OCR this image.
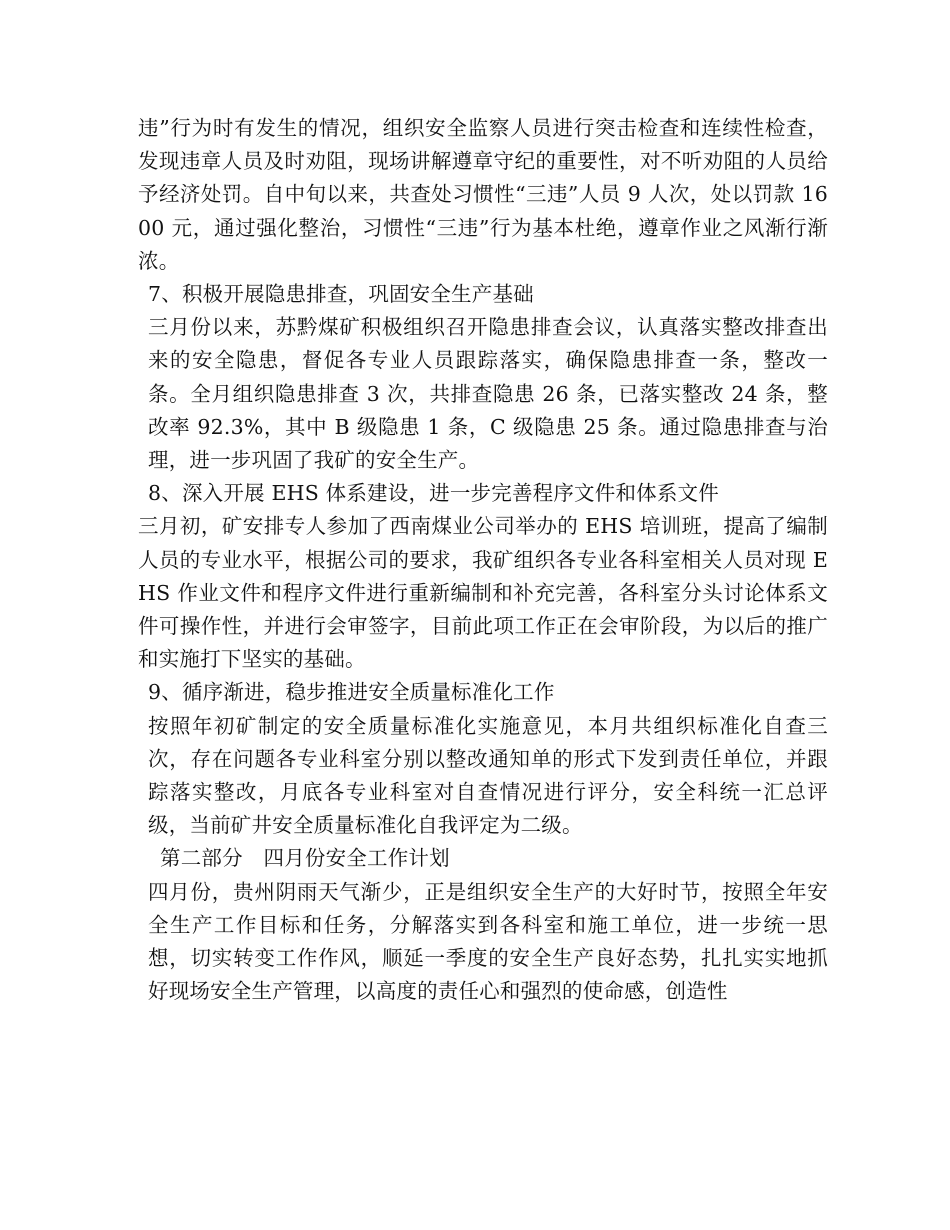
违”行为时有发生的情况，组织安全监察人员进行突击检查和连续性检查，发现违章人员及时劝阻，现场讲解遵章守纪的重要性，对不听劝阻的人员给予经济处罚。自中旬以来，共查处习惯性“三违”人员 9 人次，处以罚款 1600 元，通过强化整治，习惯性“三违”行为基本杜绝，遵章作业之风渐行渐浓。

7、积极开展隐患排查，巩固安全生产基础

三月份以来，苏黔煤矿积极组织召开隐患排查会议，认真落实整改排查出来的安全隐患，督促各专业人员跟踪落实，确保隐患排查一条，整改一条。全月组织隐患排查 3 次，共排查隐患 26 条，已落实整改 24 条，整改率 92.3%，其中 B 级隐患 1 条，C 级隐患 25 条。通过隐患排查与治理，进一步巩固了我矿的安全生产。

8、深入开展 EHS 体系建设，进一步完善程序文件和体系文件

三月初，矿安排专人参加了西南煤业公司举办的 EHS 培训班，提高了编制人员的专业水平，根据公司的要求，我矿组织各专业各科室相关人员对现 EHS 作业文件和程序文件进行重新编制和补充完善，各科室分头讨论体系文件可操作性，并进行会审签字，目前此项工作正在会审阶段，为以后的推广和实施打下坚实的基础。

9、循序渐进，稳步推进安全质量标准化工作

按照年初矿制定的安全质量标准化实施意见，本月共组织标准化自查三次，存在问题各专业科室分别以整改通知单的形式下发到责任单位，并跟踪落实整改，月底各专业科室对自查情况进行评分，安全科统一汇总评级，当前矿井安全质量标准化自我评定为二级。

第二部分　四月份安全工作计划

四月份，贵州阴雨天气渐少，正是组织安全生产的大好时节，按照全年安全生产工作目标和任务，分解落实到各科室和施工单位，进一步统一思想，切实转变工作作风，顺延一季度的安全生产良好态势，扎扎实实地抓好现场安全生产管理，以高度的责任心和强烈的使命感，创造性
